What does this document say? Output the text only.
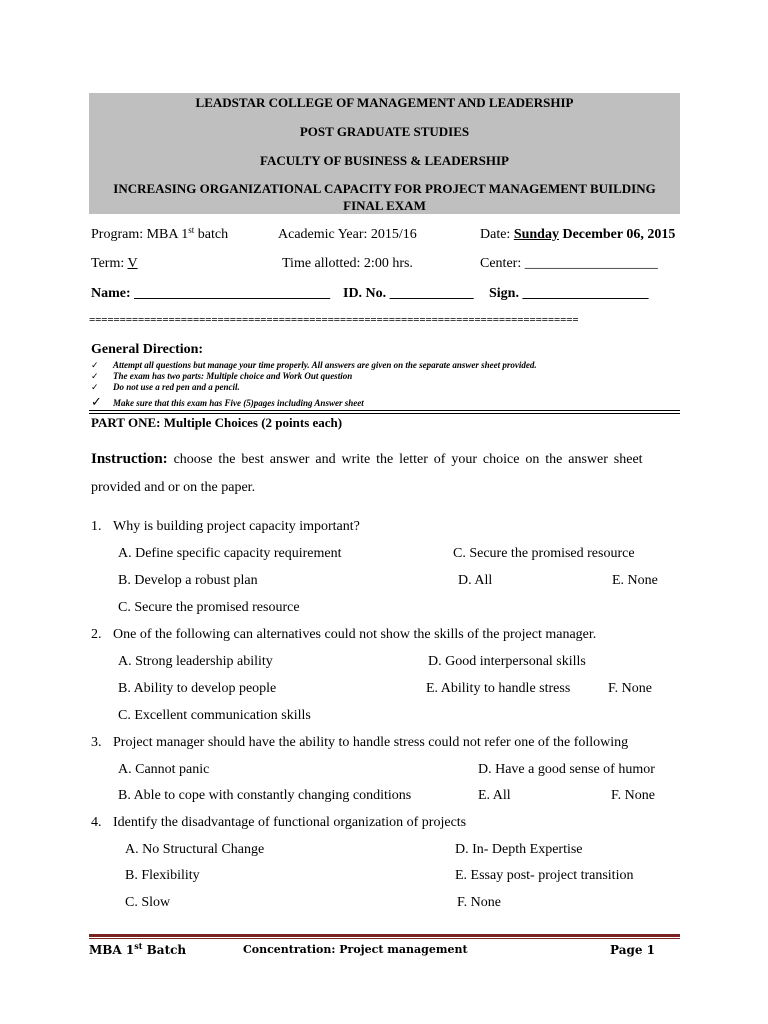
LEADSTAR COLLEGE OF MANAGEMENT AND LEADERSHIP
POST GRADUATE STUDIES
FACULTY OF BUSINESS & LEADERSHIP
INCREASING ORGANIZATIONAL CAPACITY FOR PROJECT MANAGEMENT BUILDING
FINAL EXAM
Program: MBA 1st batch	Academic Year: 2015/16	Date: Sunday December 06, 2015
Term: V	Time allotted: 2:00 hrs.	Center: ___________________
Name: ____________________________ ID. No. ____________ Sign. __________________
================================================================================
General Direction:
✓ Attempt all questions but manage your time properly. All answers are given on the separate answer sheet provided.
✓ The exam has two parts: Multiple choice and Work Out question
✓ Do not use a red pen and a pencil.
✓ Make sure that this exam has Five (5)pages including Answer sheet
PART ONE: Multiple Choices (2 points each)
Instruction: choose the best answer and write the letter of your choice on the answer sheet
provided and or on the paper.
1. Why is building project capacity important?
A. Define specific capacity requirement	C. Secure the promised resource
B. Develop a robust plan	D. All	E. None
C. Secure the promised resource
2. One of the following can alternatives could not show the skills of the project manager.
A. Strong leadership ability	D. Good interpersonal skills
B. Ability to develop people	E. Ability to handle stress	F. None
C. Excellent communication skills
3. Project manager should have the ability to handle stress could not refer one of the following
A. Cannot panic	D. Have a good sense of humor
B. Able to cope with constantly changing conditions	E. All	F. None
4. Identify the disadvantage of functional organization of projects
A. No Structural Change	D. In- Depth Expertise
B. Flexibility	E. Essay post- project transition
C. Slow	F. None
MBA 1st Batch	Concentration: Project management	Page 1
